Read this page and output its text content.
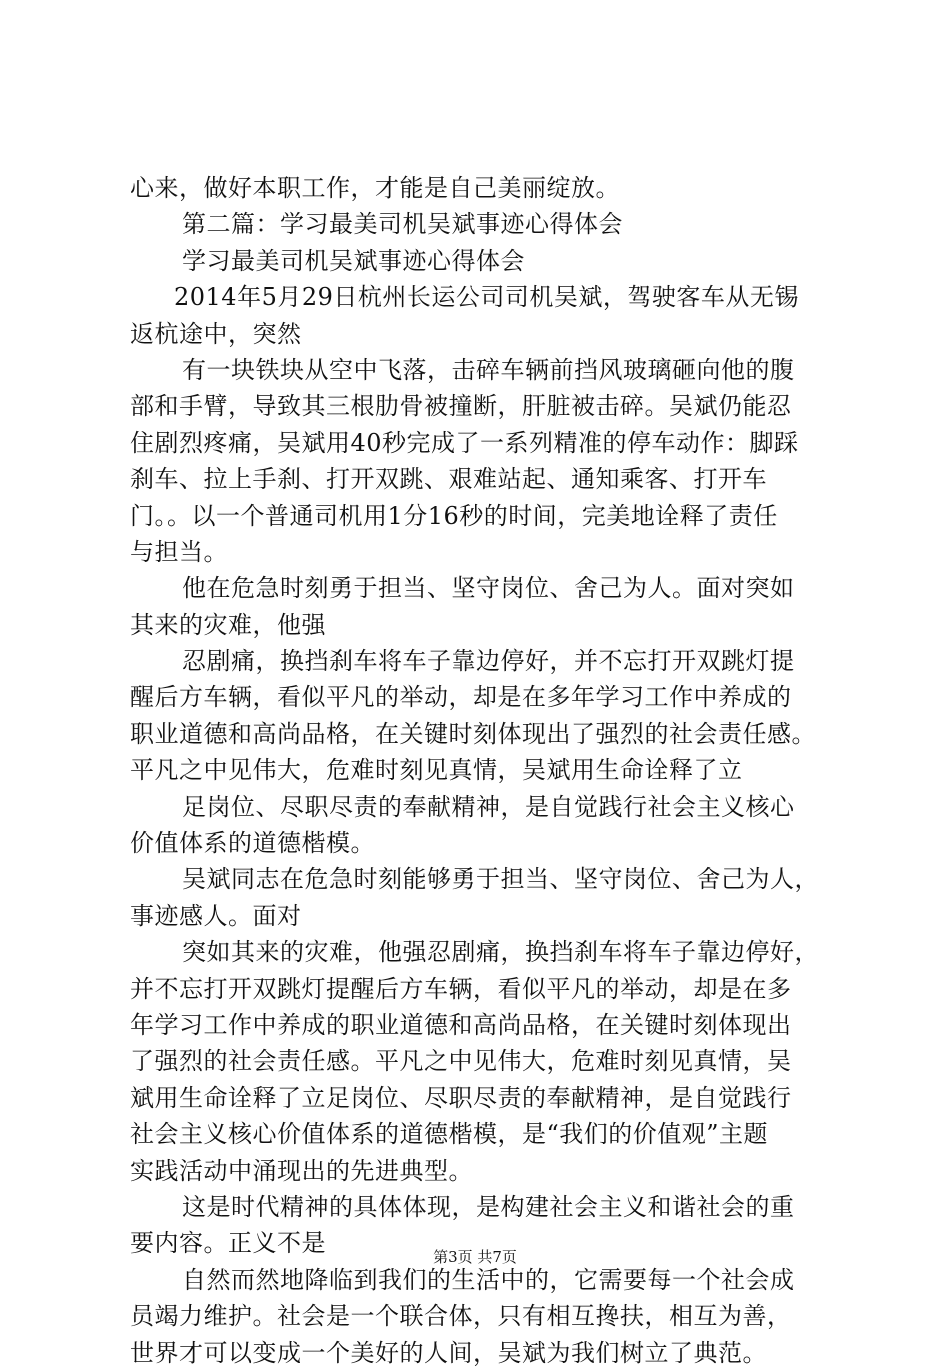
心来，做好本职工作，才能是自己美丽绽放。
第二篇：学习最美司机吴斌事迹心得体会
学习最美司机吴斌事迹心得体会
2014年5月29日杭州长运公司司机吴斌，驾驶客车从无锡
返杭途中，突然
有一块铁块从空中飞落，击碎车辆前挡风玻璃砸向他的腹
部和手臂，导致其三根肋骨被撞断，肝脏被击碎。吴斌仍能忍
住剧烈疼痛，吴斌用40秒完成了一系列精准的停车动作：脚踩
刹车、拉上手刹、打开双跳、艰难站起、通知乘客、打开车
门。。以一个普通司机用1分16秒的时间，完美地诠释了责任
与担当。
他在危急时刻勇于担当、坚守岗位、舍己为人。面对突如
其来的灾难，他强
忍剧痛，换挡刹车将车子靠边停好，并不忘打开双跳灯提
醒后方车辆，看似平凡的举动，却是在多年学习工作中养成的
职业道德和高尚品格，在关键时刻体现出了强烈的社会责任感。
平凡之中见伟大，危难时刻见真情，吴斌用生命诠释了立
足岗位、尽职尽责的奉献精神，是自觉践行社会主义核心
价值体系的道德楷模。
吴斌同志在危急时刻能够勇于担当、坚守岗位、舍己为人，
事迹感人。面对
突如其来的灾难，他强忍剧痛，换挡刹车将车子靠边停好，
并不忘打开双跳灯提醒后方车辆，看似平凡的举动，却是在多
年学习工作中养成的职业道德和高尚品格，在关键时刻体现出
了强烈的社会责任感。平凡之中见伟大，危难时刻见真情，吴
斌用生命诠释了立足岗位、尽职尽责的奉献精神，是自觉践行
社会主义核心价值体系的道德楷模，是“我们的价值观”主题
实践活动中涌现出的先进典型。
这是时代精神的具体体现，是构建社会主义和谐社会的重
要内容。正义不是
自然而然地降临到我们的生活中的，它需要每一个社会成
员竭力维护。社会是一个联合体，只有相互搀扶，相互为善，
世界才可以变成一个美好的人间，吴斌为我们树立了典范。
第3页 共7页
